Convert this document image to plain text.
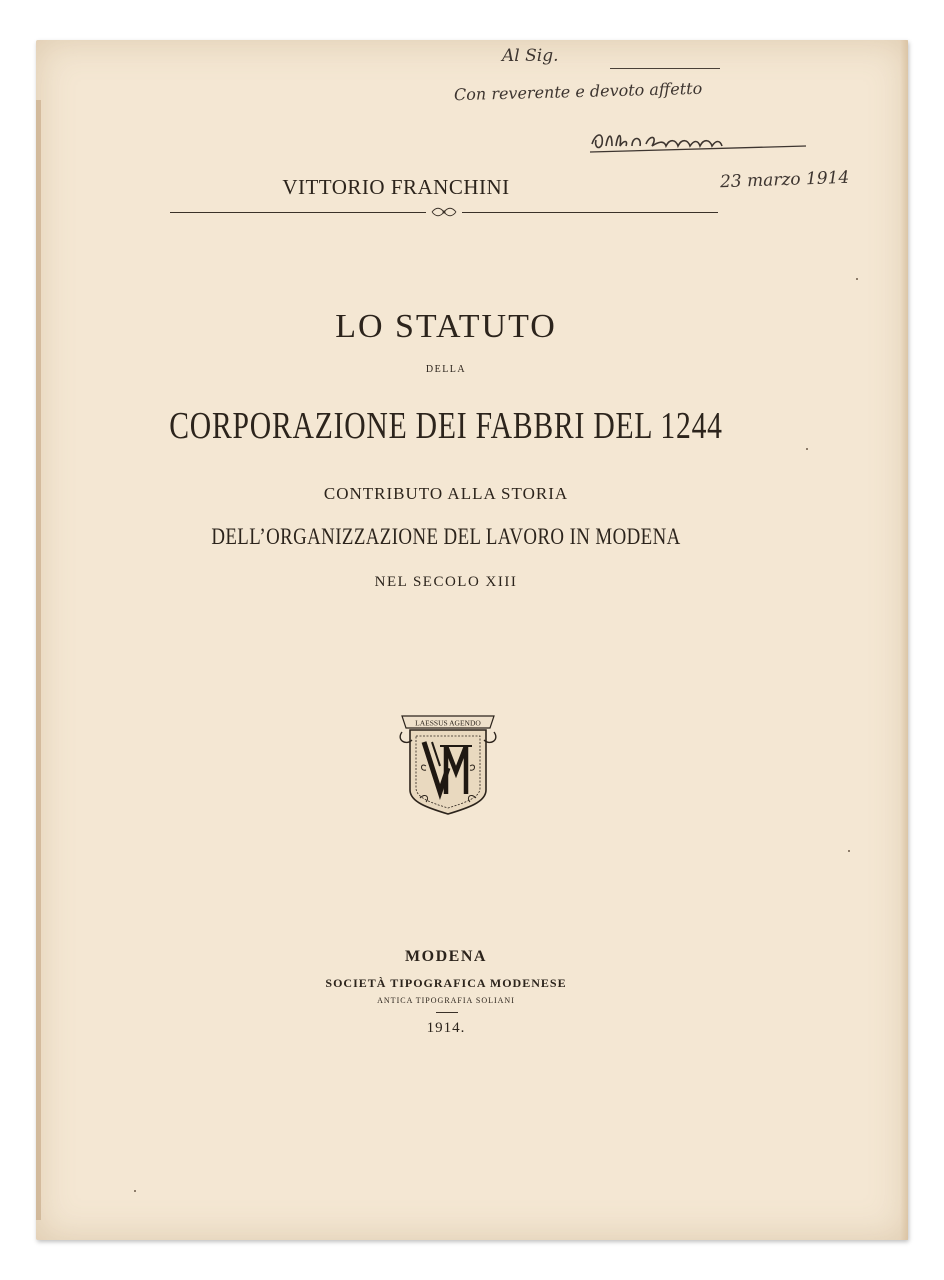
Al Sig.
Con reverente e devoto affetto
23 marzo 1914
VITTORIO FRANCHINI
LO STATUTO
DELLA
CORPORAZIONE DEI FABBRI DEL 1244
CONTRIBUTO ALLA STORIA
DELL’ORGANIZZAZIONE DEL LAVORO IN MODENA
NEL SECOLO XIII
LAESSUS AGENDO
MODENA
SOCIETÀ TIPOGRAFICA MODENESE
ANTICA TIPOGRAFIA SOLIANI
1914.
